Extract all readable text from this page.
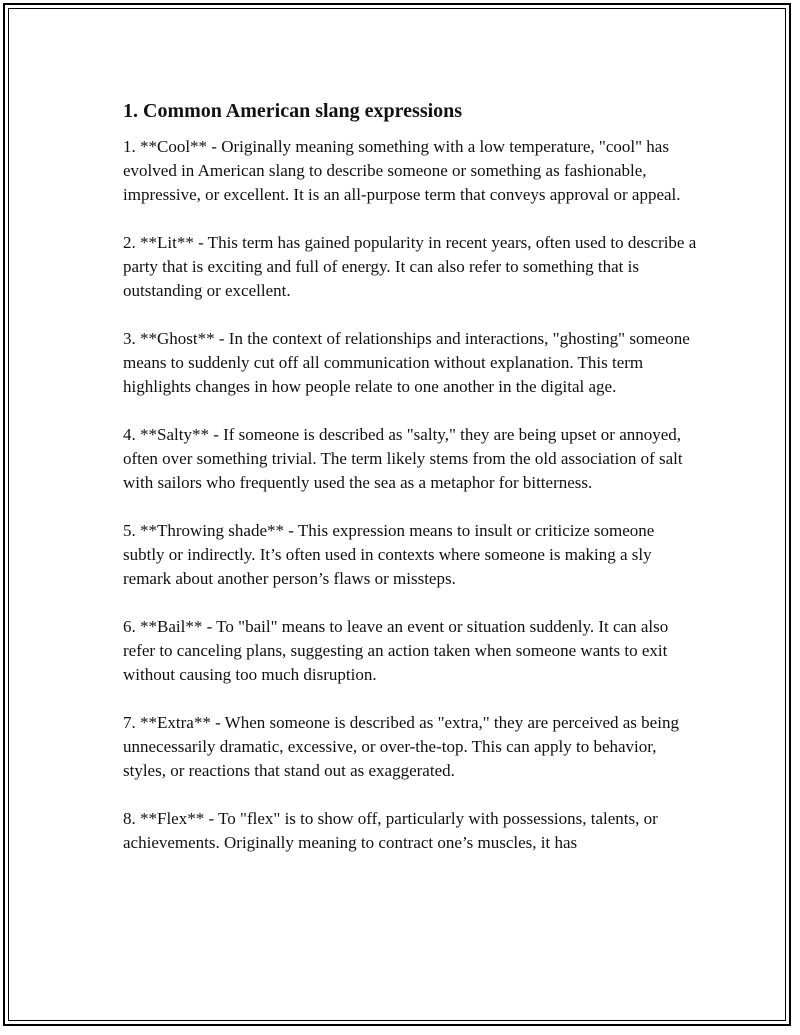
1. Common American slang expressions

1. **Cool** - Originally meaning something with a low temperature, "cool" has evolved in American slang to describe someone or something as fashionable, impressive, or excellent. It is an all-purpose term that conveys approval or appeal.

2. **Lit** - This term has gained popularity in recent years, often used to describe a party that is exciting and full of energy. It can also refer to something that is outstanding or excellent.

3. **Ghost** - In the context of relationships and interactions, "ghosting" someone means to suddenly cut off all communication without explanation. This term highlights changes in how people relate to one another in the digital age.

4. **Salty** - If someone is described as "salty," they are being upset or annoyed, often over something trivial. The term likely stems from the old association of salt with sailors who frequently used the sea as a metaphor for bitterness.

5. **Throwing shade** - This expression means to insult or criticize someone subtly or indirectly. It’s often used in contexts where someone is making a sly remark about another person’s flaws or missteps.

6. **Bail** - To "bail" means to leave an event or situation suddenly. It can also refer to canceling plans, suggesting an action taken when someone wants to exit without causing too much disruption.

7. **Extra** - When someone is described as "extra," they are perceived as being unnecessarily dramatic, excessive, or over-the-top. This can apply to behavior, styles, or reactions that stand out as exaggerated.

8. **Flex** - To "flex" is to show off, particularly with possessions, talents, or achievements. Originally meaning to contract one’s muscles, it has
